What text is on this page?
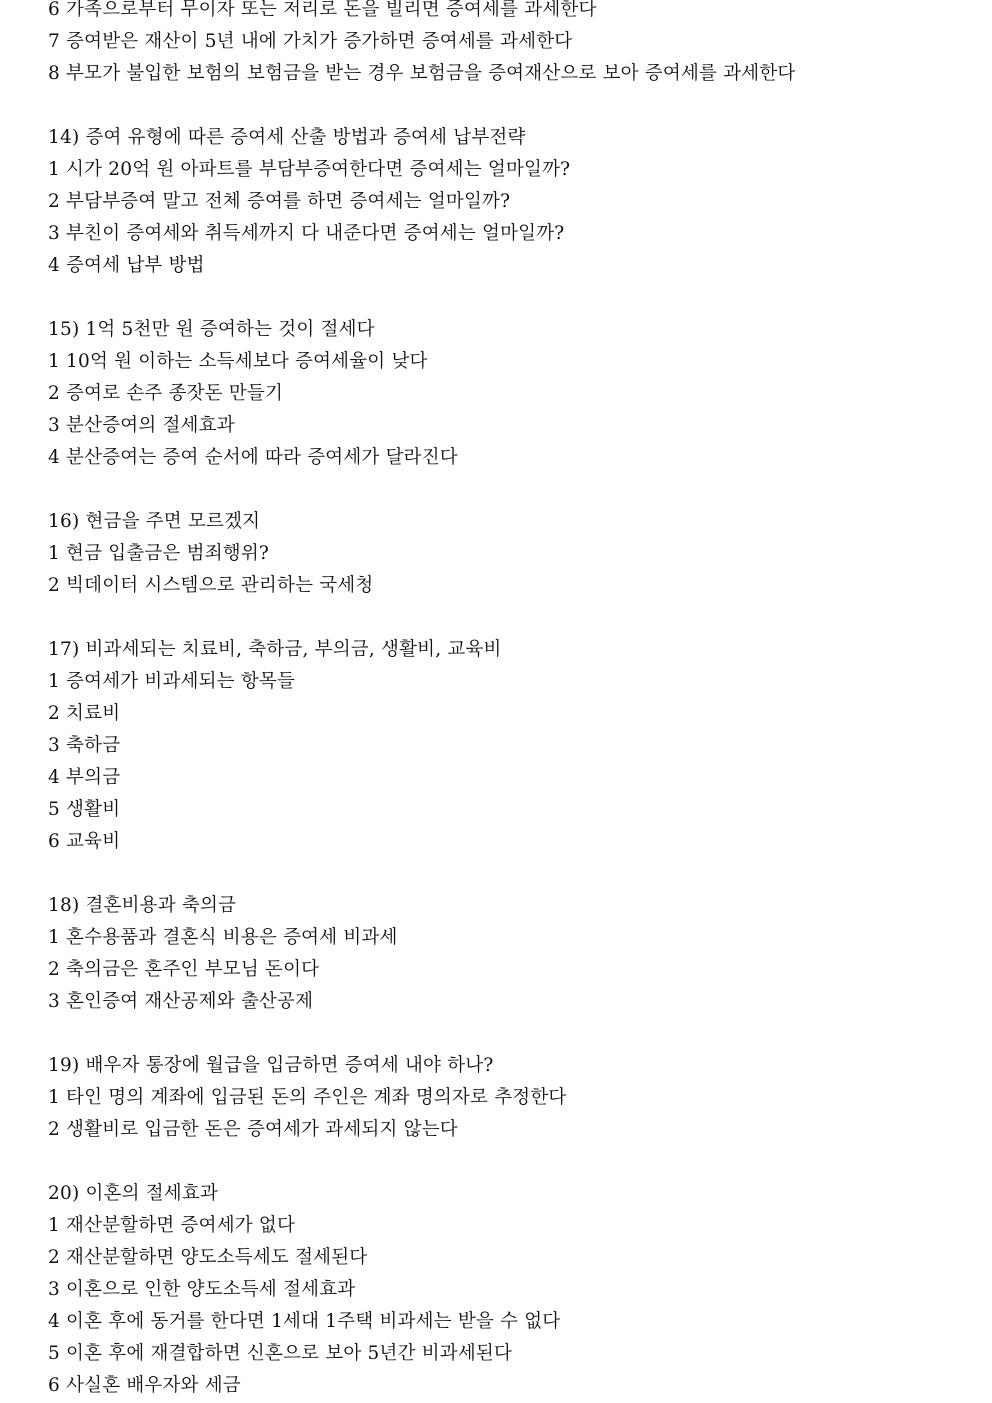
6 가족으로부터 무이자 또는 저리로 돈을 빌리면 증여세를 과세한다
7 증여받은 재산이 5년 내에 가치가 증가하면 증여세를 과세한다
8 부모가 불입한 보험의 보험금을 받는 경우 보험금을 증여재산으로 보아 증여세를 과세한다
14) 증여 유형에 따른 증여세 산출 방법과 증여세 납부전략
1 시가 20억 원 아파트를 부담부증여한다면 증여세는 얼마일까?
2 부담부증여 말고 전체 증여를 하면 증여세는 얼마일까?
3 부친이 증여세와 취득세까지 다 내준다면 증여세는 얼마일까?
4 증여세 납부 방법
15) 1억 5천만 원 증여하는 것이 절세다
1 10억 원 이하는 소득세보다 증여세율이 낮다
2 증여로 손주 종잣돈 만들기
3 분산증여의 절세효과
4 분산증여는 증여 순서에 따라 증여세가 달라진다
16) 현금을 주면 모르겠지
1 현금 입출금은 범죄행위?
2 빅데이터 시스템으로 관리하는 국세청
17) 비과세되는 치료비, 축하금, 부의금, 생활비, 교육비
1 증여세가 비과세되는 항목들
2 치료비
3 축하금
4 부의금
5 생활비
6 교육비
18) 결혼비용과 축의금
1 혼수용품과 결혼식 비용은 증여세 비과세
2 축의금은 혼주인 부모님 돈이다
3 혼인증여 재산공제와 출산공제
19) 배우자 통장에 월급을 입금하면 증여세 내야 하나?
1 타인 명의 계좌에 입금된 돈의 주인은 계좌 명의자로 추정한다
2 생활비로 입금한 돈은 증여세가 과세되지 않는다
20) 이혼의 절세효과
1 재산분할하면 증여세가 없다
2 재산분할하면 양도소득세도 절세된다
3 이혼으로 인한 양도소득세 절세효과
4 이혼 후에 동거를 한다면 1세대 1주택 비과세는 받을 수 없다
5 이혼 후에 재결합하면 신혼으로 보아 5년간 비과세된다
6 사실혼 배우자와 세금
